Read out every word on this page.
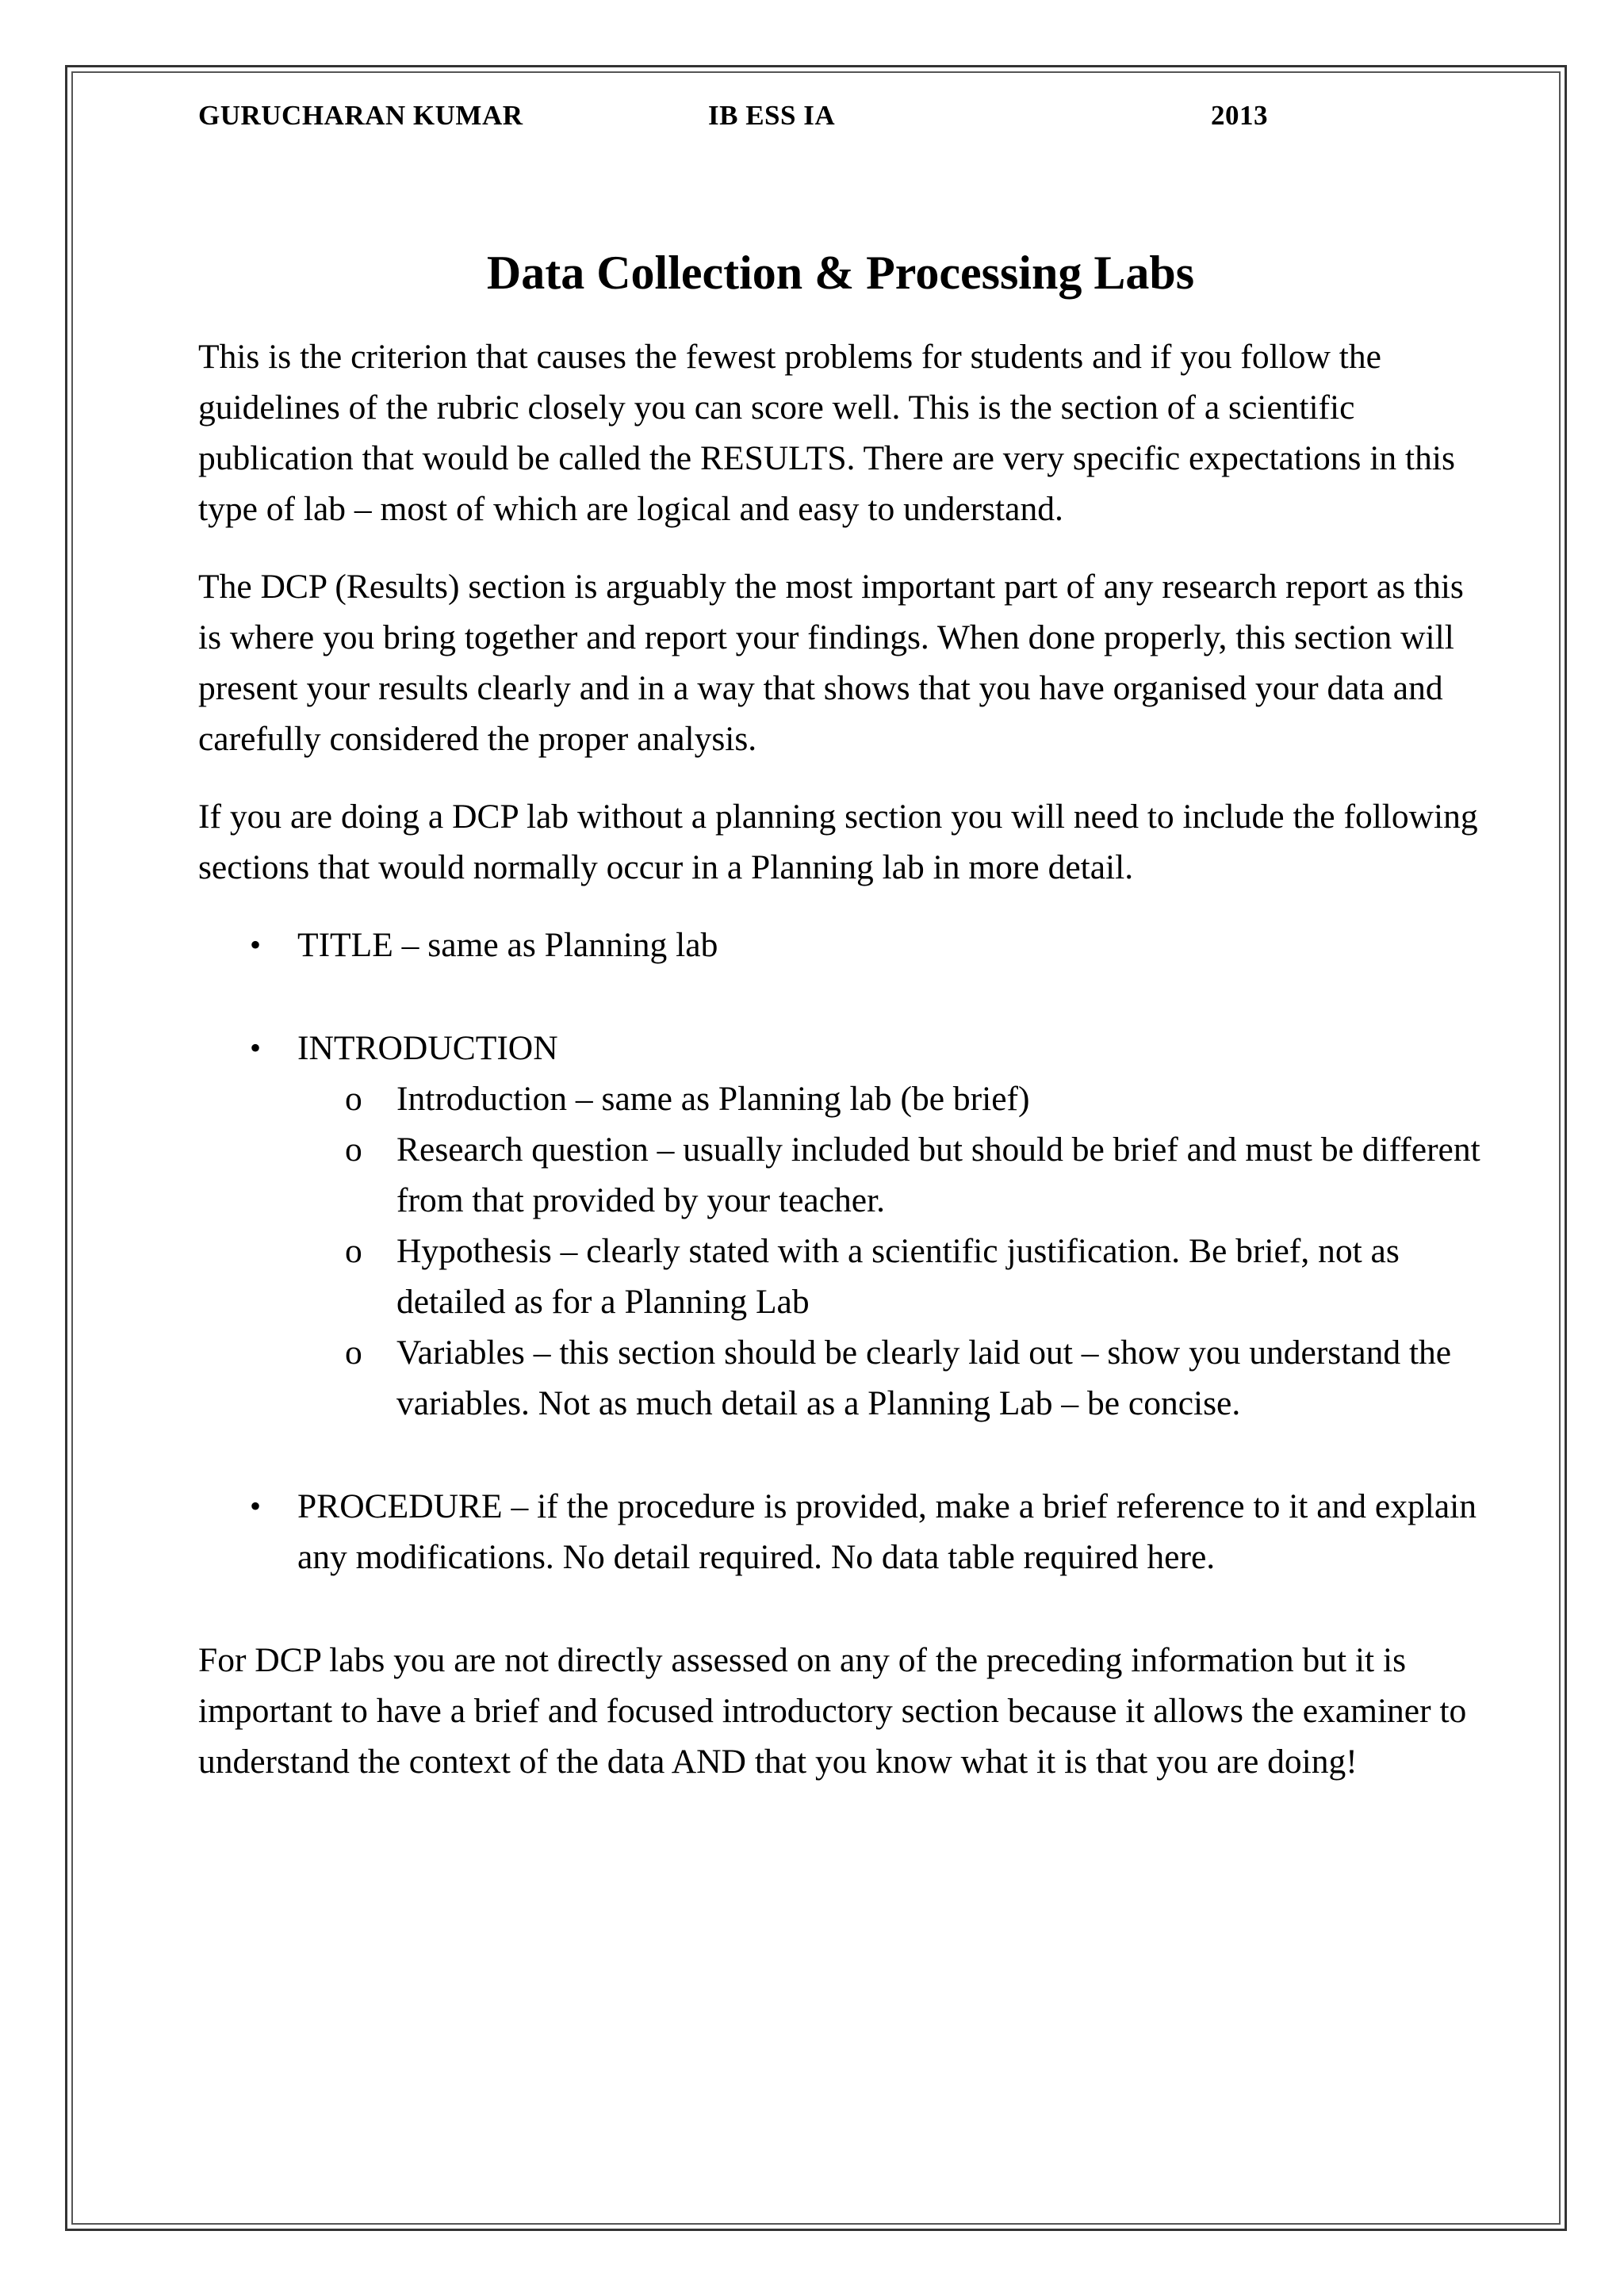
GURUCHARAN KUMAR	IB ESS IA	2013
Data Collection & Processing Labs

This is the criterion that causes the fewest problems for students and if you follow the guidelines of the rubric closely you can score well. This is the section of a scientific publication that would be called the RESULTS. There are very specific expectations in this type of lab – most of which are logical and easy to understand.

The DCP (Results) section is arguably the most important part of any research report as this is where you bring together and report your findings. When done properly, this section will present your results clearly and in a way that shows that you have organised your data and carefully considered the proper analysis.

If you are doing a DCP lab without a planning section you will need to include the following sections that would normally occur in a Planning lab in more detail.

• TITLE – same as Planning lab
• INTRODUCTION
o Introduction – same as Planning lab (be brief)
o Research question – usually included but should be brief and must be different from that provided by your teacher.
o Hypothesis – clearly stated with a scientific justification. Be brief, not as detailed as for a Planning Lab
o Variables – this section should be clearly laid out – show you understand the variables. Not as much detail as a Planning Lab – be concise.
• PROCEDURE – if the procedure is provided, make a brief reference to it and explain any modifications. No detail required. No data table required here.

For DCP labs you are not directly assessed on any of the preceding information but it is important to have a brief and focused introductory section because it allows the examiner to understand the context of the data AND that you know what it is that you are doing!
